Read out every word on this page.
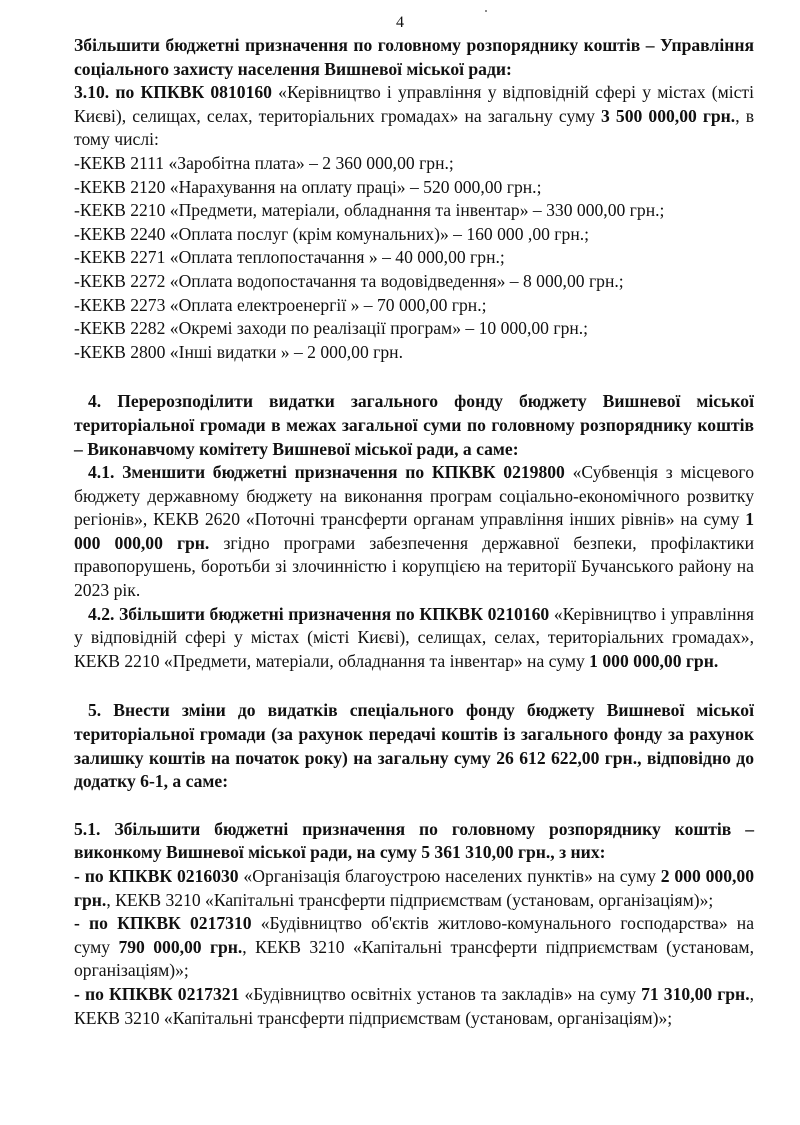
4

Збільшити бюджетні призначення по головному розпоряднику коштів – Управління соціального захисту населення Вишневої міської ради:

3.10. по КПКВК 0810160 «Керівництво і управління у відповідній сфері у містах (місті Києві), селищах, селах, територіальних громадах» на загальну суму 3 500 000,00 грн., в тому числі:

-КЕКВ 2111 «Заробітна плата» – 2 360 000,00 грн.;
-КЕКВ 2120 «Нарахування на оплату праці» – 520 000,00 грн.;
-КЕКВ 2210 «Предмети, матеріали, обладнання та інвентар» – 330 000,00 грн.;
-КЕКВ 2240 «Оплата послуг (крім комунальних)» – 160 000 ,00 грн.;
-КЕКВ 2271 «Оплата теплопостачання » – 40 000,00 грн.;
-КЕКВ 2272 «Оплата водопостачання та водовідведення» – 8 000,00 грн.;
-КЕКВ 2273 «Оплата електроенергії » – 70 000,00 грн.;
-КЕКВ 2282 «Окремі заходи по реалізації програм» – 10 000,00 грн.;
-КЕКВ 2800 «Інші видатки » – 2 000,00 грн.

4. Перерозподілити видатки загального фонду бюджету Вишневої міської територіальної громади в межах загальної суми по головному розпоряднику коштів – Виконавчому комітету Вишневої міської ради, а саме:

4.1. Зменшити бюджетні призначення по КПКВК 0219800 «Субвенція з місцевого бюджету державному бюджету на виконання програм соціально-економічного розвитку регіонів», КЕКВ 2620 «Поточні трансферти органам управління інших рівнів» на суму 1 000 000,00 грн. згідно програми забезпечення державної безпеки, профілактики правопорушень, боротьби зі злочинністю і корупцією на території Бучанського району на 2023 рік.

4.2. Збільшити бюджетні призначення по КПКВК 0210160 «Керівництво і управління у відповідній сфері у містах (місті Києві), селищах, селах, територіальних громадах», КЕКВ 2210 «Предмети, матеріали, обладнання та інвентар» на суму 1 000 000,00 грн.

5. Внести зміни до видатків спеціального фонду бюджету Вишневої міської територіальної громади (за рахунок передачі коштів із загального фонду за рахунок залишку коштів на початок року) на загальну суму 26 612 622,00 грн., відповідно до додатку 6-1, а саме:

5.1. Збільшити бюджетні призначення по головному розпоряднику коштів – виконкому Вишневої міської ради, на суму 5 361 310,00 грн., з них:

- по КПКВК 0216030 «Організація благоустрою населених пунктів» на суму 2 000 000,00 грн., КЕКВ 3210 «Капітальні трансферти підприємствам (установам, організаціям)»;

- по КПКВК 0217310 «Будівництво об'єктів житлово-комунального господарства» на суму 790 000,00 грн., КЕКВ 3210 «Капітальні трансферти підприємствам (установам, організаціям)»;

- по КПКВК 0217321 «Будівництво освітніх установ та закладів» на суму 71 310,00 грн., КЕКВ 3210 «Капітальні трансферти підприємствам (установам, організаціям)»;
